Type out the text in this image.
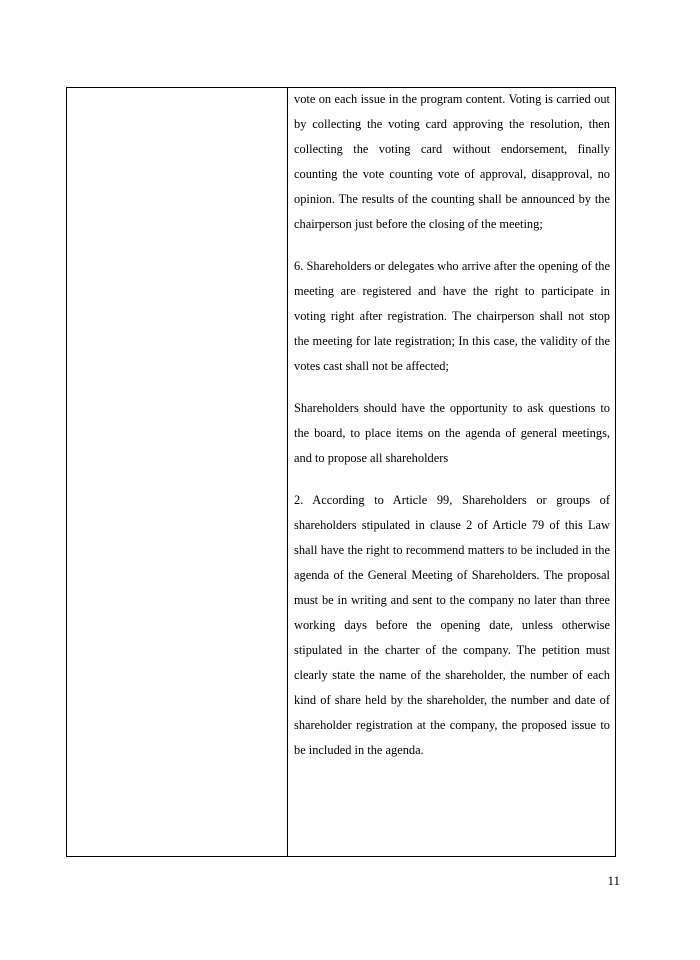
vote on each issue in the program content. Voting is carried out by collecting the voting card approving the resolution, then collecting the voting card without endorsement, finally counting the vote counting vote of approval, disapproval, no opinion. The results of the counting shall be announced by the chairperson just before the closing of the meeting;

6. Shareholders or delegates who arrive after the opening of the meeting are registered and have the right to participate in voting right after registration. The chairperson shall not stop the meeting for late registration; In this case, the validity of the votes cast shall not be affected;

Shareholders should have the opportunity to ask questions to the board, to place items on the agenda of general meetings, and to propose all shareholders

2. According to Article 99, Shareholders or groups of shareholders stipulated in clause 2 of Article 79 of this Law shall have the right to recommend matters to be included in the agenda of the General Meeting of Shareholders. The proposal must be in writing and sent to the company no later than three working days before the opening date, unless otherwise stipulated in the charter of the company. The petition must clearly state the name of the shareholder, the number of each kind of share held by the shareholder, the number and date of shareholder registration at the company, the proposed issue to be included in the agenda.

11
